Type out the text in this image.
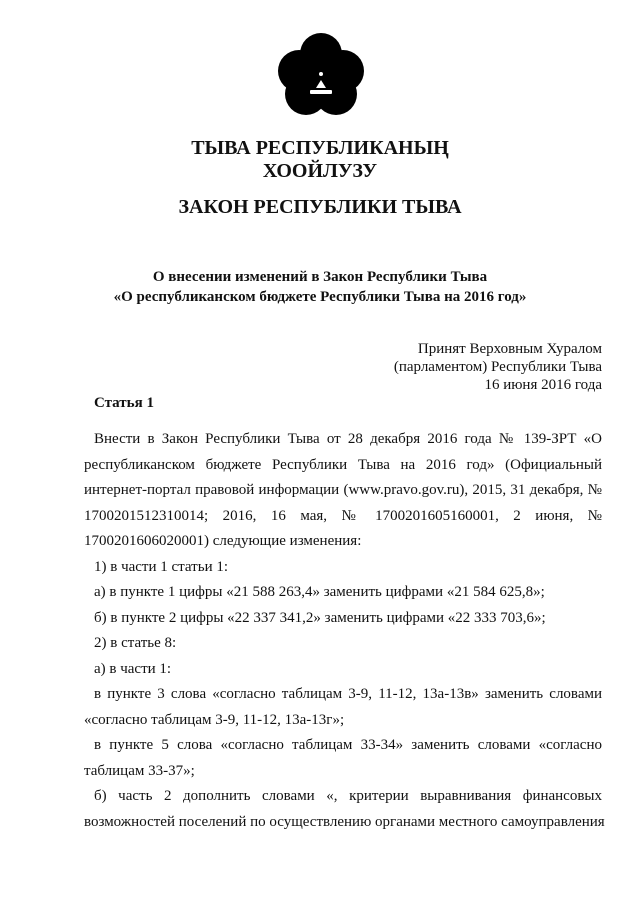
ТЫВА РЕСПУБЛИКАНЫҢ
ХООЙЛУЗУ
ЗАКОН РЕСПУБЛИКИ ТЫВА
О внесении изменений в Закон Республики Тыва
«О республиканском бюджете Республики Тыва на 2016 год»
Принят Верховным Хуралом
(парламентом) Республики Тыва
16 июня 2016 года
Статья 1
Внести в Закон Республики Тыва от 28 декабря 2016 года № 139-ЗРТ «О
республиканском бюджете Республики Тыва на 2016 год» (Официальный
интернет-портал правовой информации (www.pravo.gov.ru), 2015, 31 декабря, №
1700201512310014; 2016, 16 мая, № 1700201605160001, 2 июня, №
1700201606020001) следующие изменения:
1) в части 1 статьи 1:
а) в пункте 1 цифры «21 588 263,4» заменить цифрами «21 584 625,8»;
б) в пункте 2 цифры «22 337 341,2» заменить цифрами «22 333 703,6»;
2) в статье 8:
а) в части 1:
в пункте 3 слова «согласно таблицам 3-9, 11-12, 13а-13в» заменить словами
«согласно таблицам 3-9, 11-12, 13а-13г»;
в пункте 5 слова «согласно таблицам 33-34» заменить словами «согласно
таблицам 33-37»;
б) часть 2 дополнить словами «, критерии выравнивания финансовых
возможностей поселений по осуществлению органами местного самоуправления
